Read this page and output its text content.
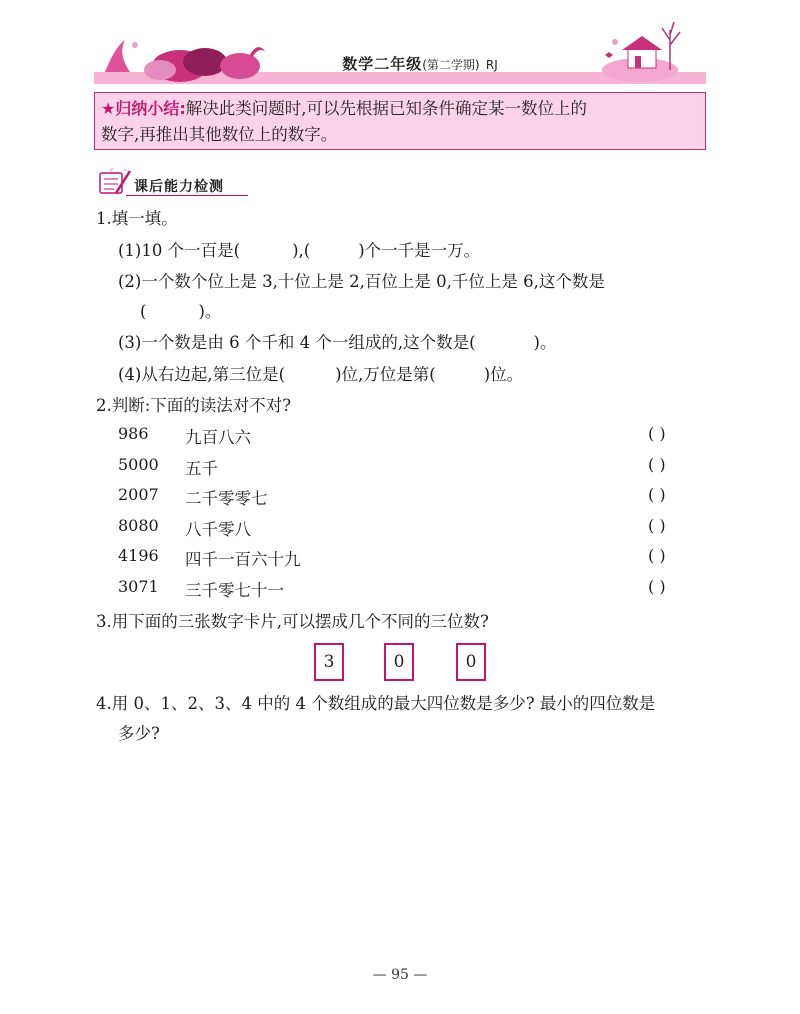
数学二年级(第二学期) RJ
★归纳小结:解决此类问题时,可以先根据已知条件确定某一数位上的
数字,再推出其他数位上的数字。
课后能力检测
1.填一填。
(1)10 个一百是(	),(	)个一千是一万。
(2)一个数个位上是 3,十位上是 2,百位上是 0,千位上是 6,这个数是
(	)。
(3)一个数是由 6 个千和 4 个一组成的,这个数是(	)。
(4)从右边起,第三位是(	)位,万位是第(	)位。
2.判断:下面的读法对不对?
986 九百八六	( )
5000 五千	( )
2007 二千零零七	( )
8080 八千零八	( )
4196 四千一百六十九	( )
3071 三千零七十一	( )
3.用下面的三张数字卡片,可以摆成几个不同的三位数?
3	0	0
4.用 0、1、2、3、4 中的 4 个数组成的最大四位数是多少? 最小的四位数是
多少?
— 95 —
